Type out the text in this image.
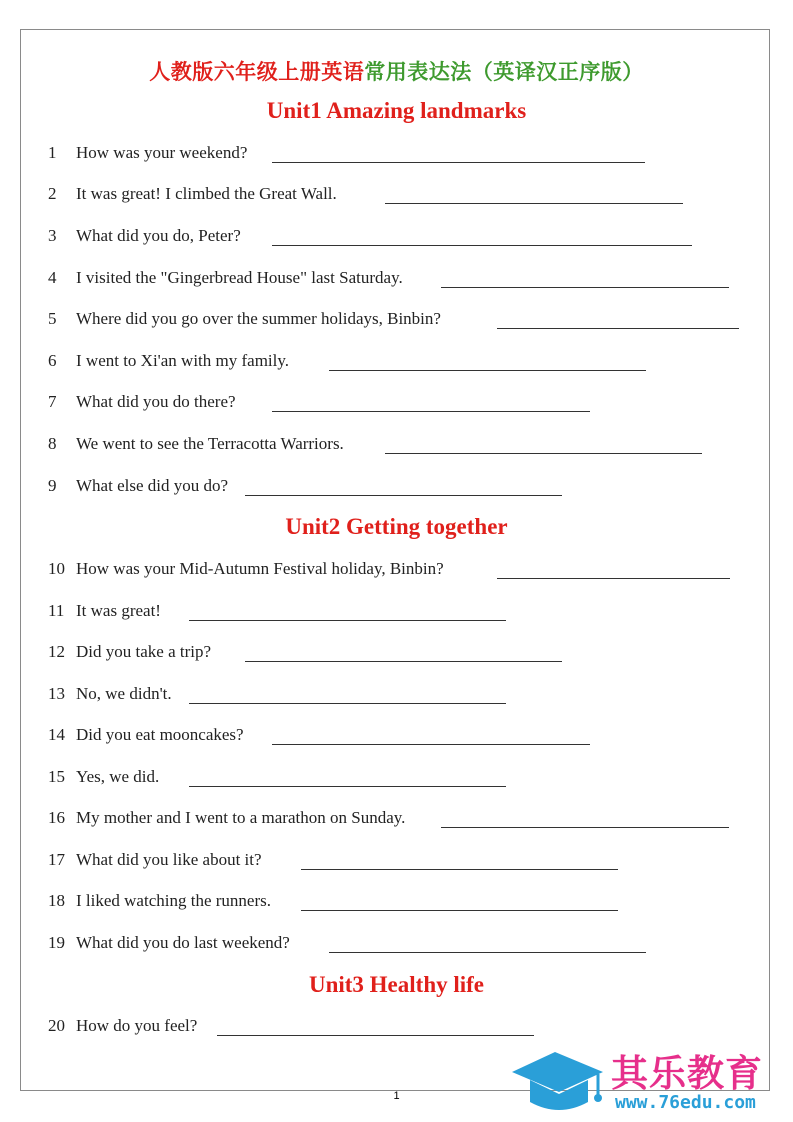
人教版六年级上册英语常用表达法（英译汉正序版）
Unit1 Amazing landmarks
Unit2 Getting together
Unit3 Healthy life
1 How was your weekend?
2 It was great! I climbed the Great Wall.
3 What did you do, Peter?
4 I visited the "Gingerbread House" last Saturday.
5 Where did you go over the summer holidays, Binbin?
6 I went to Xi'an with my family.
7 What did you do there?
8 We went to see the Terracotta Warriors.
9 What else did you do?
10 How was your Mid-Autumn Festival holiday, Binbin?
11 It was great!
12 Did you take a trip?
13 No, we didn't.
14 Did you eat mooncakes?
15 Yes, we did.
16 My mother and I went to a marathon on Sunday.
17 What did you like about it?
18 I liked watching the runners.
19 What did you do last weekend?
20 How do you feel?
1
其乐教育
www.76edu.com
